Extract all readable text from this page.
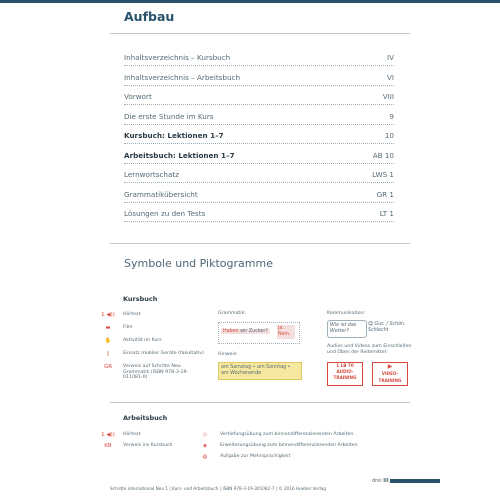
Aufbau
Inhaltsverzeichnis – Kursbuch	IV
Inhaltsverzeichnis – Arbeitsbuch	VI
Vorwort	VIII
Die erste Stunde im Kurs	9
Kursbuch: Lektionen 1–7	10
Arbeitsbuch: Lektionen 1–7	AB 10
Lernwortschatz	LWS 1
Grammatikübersicht	GR 1
Lösungen zu den Tests	LT 1
Symbole und Piktogramme
Kursbuch
1 ◀)) Hörtext
▬	Film
✋	Aktivität im Kurs
▯	Einsatz mobiler Geräte (fakultativ)
GR	Verweis auf Schritte Neu Grammatik (ISBN 978-3-19-011081-0)
Grammatik:
Haben wir Zucker?
Ja. Nein.
Hinweis:
am Samstag • am Sonntag • am Wochenende
Kommunikation:
Wie ist das Wetter?
☺ Gut. / Schön. Schlecht
Audios und Videos zum Einschleifen und Üben der Redemittel:
1 LB 70 AUDIO-TRAINING
▶
VIDEO-TRAINING
Arbeitsbuch
1 ◀)) Hörtext
KB	Verweis ins Kursbuch
◇	Vertiefungsübung zum binnendifferenzierenden Arbeiten
◈	Erweiterungsübung zum binnendifferenzierenden Arbeiten
◍	Aufgabe zur Mehrsprachigkeit
drei III
Schritte international Neu 1 | Kurs- und Arbeitsbuch | ISBN 978-3-19-301082-7 | © 2016 Hueber Verlag
